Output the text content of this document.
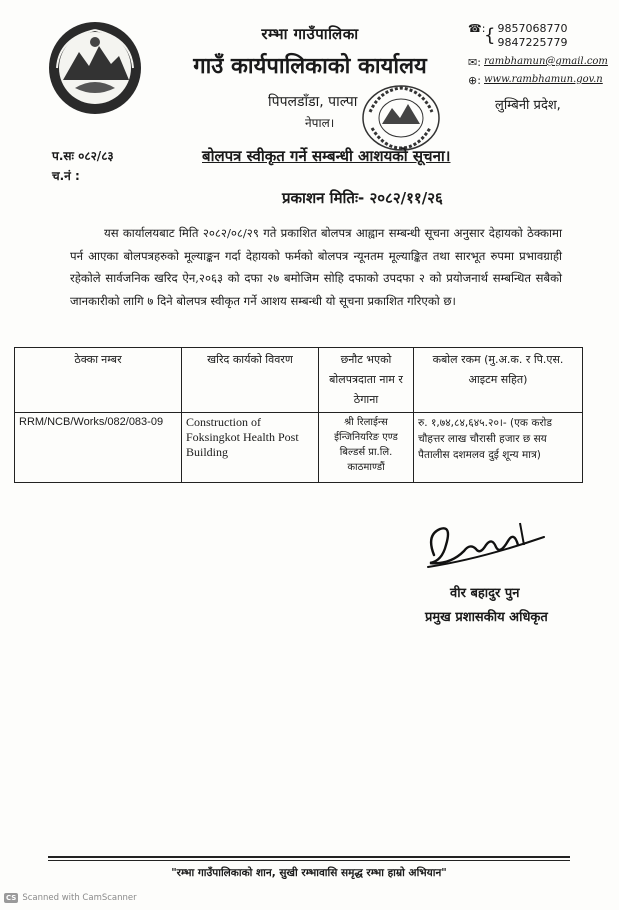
रम्भा गाउँपालिका
गाउँ कार्यपालिकाको कार्यालय
पिपलडाँडा, पाल्पा
नेपाल।
☎:
{ 9857068770
9847225779
✉: rambhamun@gmail.com
⊕: www.rambhamun.gov.n
लुम्बिनी प्रदेश,
प.सः ०८२/८३
च.नं :
बोलपत्र स्वीकृत गर्ने सम्बन्धी आशयको सूचना।
प्रकाशन मितिः- २०८२/११/२६
यस कार्यालयबाट मिति २०८२/०८/२९ गते प्रकाशित बोलपत्र आह्वान सम्बन्धी सूचना अनुसार देहायको ठेक्कामा पर्न आएका बोलपत्रहरुको मूल्याङ्कन गर्दा देहायको फर्मको बोलपत्र न्यूनतम मूल्याङ्कित तथा सारभूत रुपमा प्रभावग्राही रहेकोले सार्वजनिक खरिद ऐन,२०६३ को दफा २७ बमोजिम सोहि दफाको उपदफा २ को प्रयोजनार्थ सम्बन्धित सबैको जानकारीको लागि ७ दिने बोलपत्र स्वीकृत गर्ने आशय सम्बन्धी यो सूचना प्रकाशित गरिएको छ।
ठेक्का नम्बर	खरिद कार्यको विवरण	छनौट भएको बोलपत्रदाता नाम र ठेगाना	कबोल रकम (मु.अ.क. र पि.एस. आइटम सहित)
RRM/NCB/Works/082/083-09	Construction of Foksingkot Health Post Building	श्री रिलाईन्स ईन्जिनियरिङ एण्ड बिल्डर्स प्रा.लि. काठमाण्डौं	रु. १,७४,८४,६४५.२०।- (एक करोड चौहत्तर लाख चौरासी हजार छ सय पैतालीस दशमलव दुई शून्य मात्र)
वीर बहादुर पुन
प्रमुख प्रशासकीय अधिकृत
"रम्भा गाउँपालिकाको शान, सुखी रम्भावासि समृद्ध रम्भा हाम्रो अभियान"
CS Scanned with CamScanner
